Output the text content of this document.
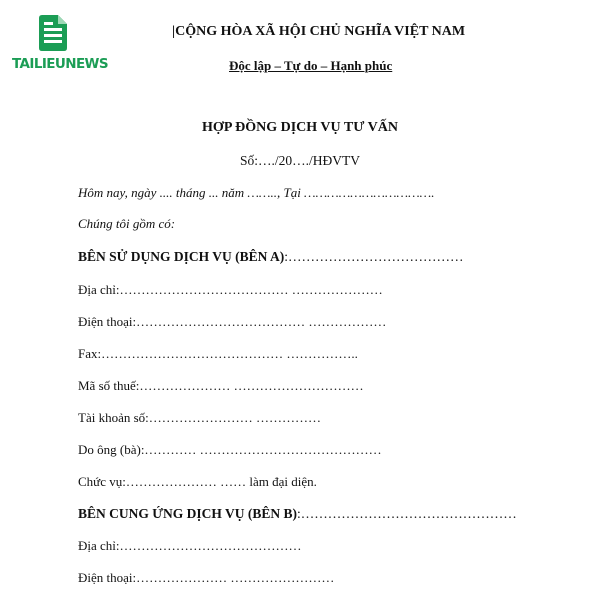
TAILIEUNEWS
|CỘNG HÒA XÃ HỘI CHỦ NGHĨA VIỆT NAM
Độc lập – Tự do – Hạnh phúc
HỢP ĐỒNG DỊCH VỤ TƯ VẤN
Số:…./20…./HĐVTV
Hôm nay, ngày .... tháng ... năm …….., Tại …………………………….
Chúng tôi gồm có:
BÊN SỬ DỤNG DỊCH VỤ (BÊN A):…………………………………
Địa chỉ:………………………………… …………………
Điện thoại:………………………………… ………………
Fax:…………………………………… ……………..
Mã số thuế:………………… …………………………
Tài khoản số:…………………… ……………
Do ông (bà):………… ……………………………………
Chức vụ:………………… …… làm đại diện.
BÊN CUNG ỨNG DỊCH VỤ (BÊN B):…………………………………………
Địa chỉ:……………………………………
Điện thoại:………………… ……………………
